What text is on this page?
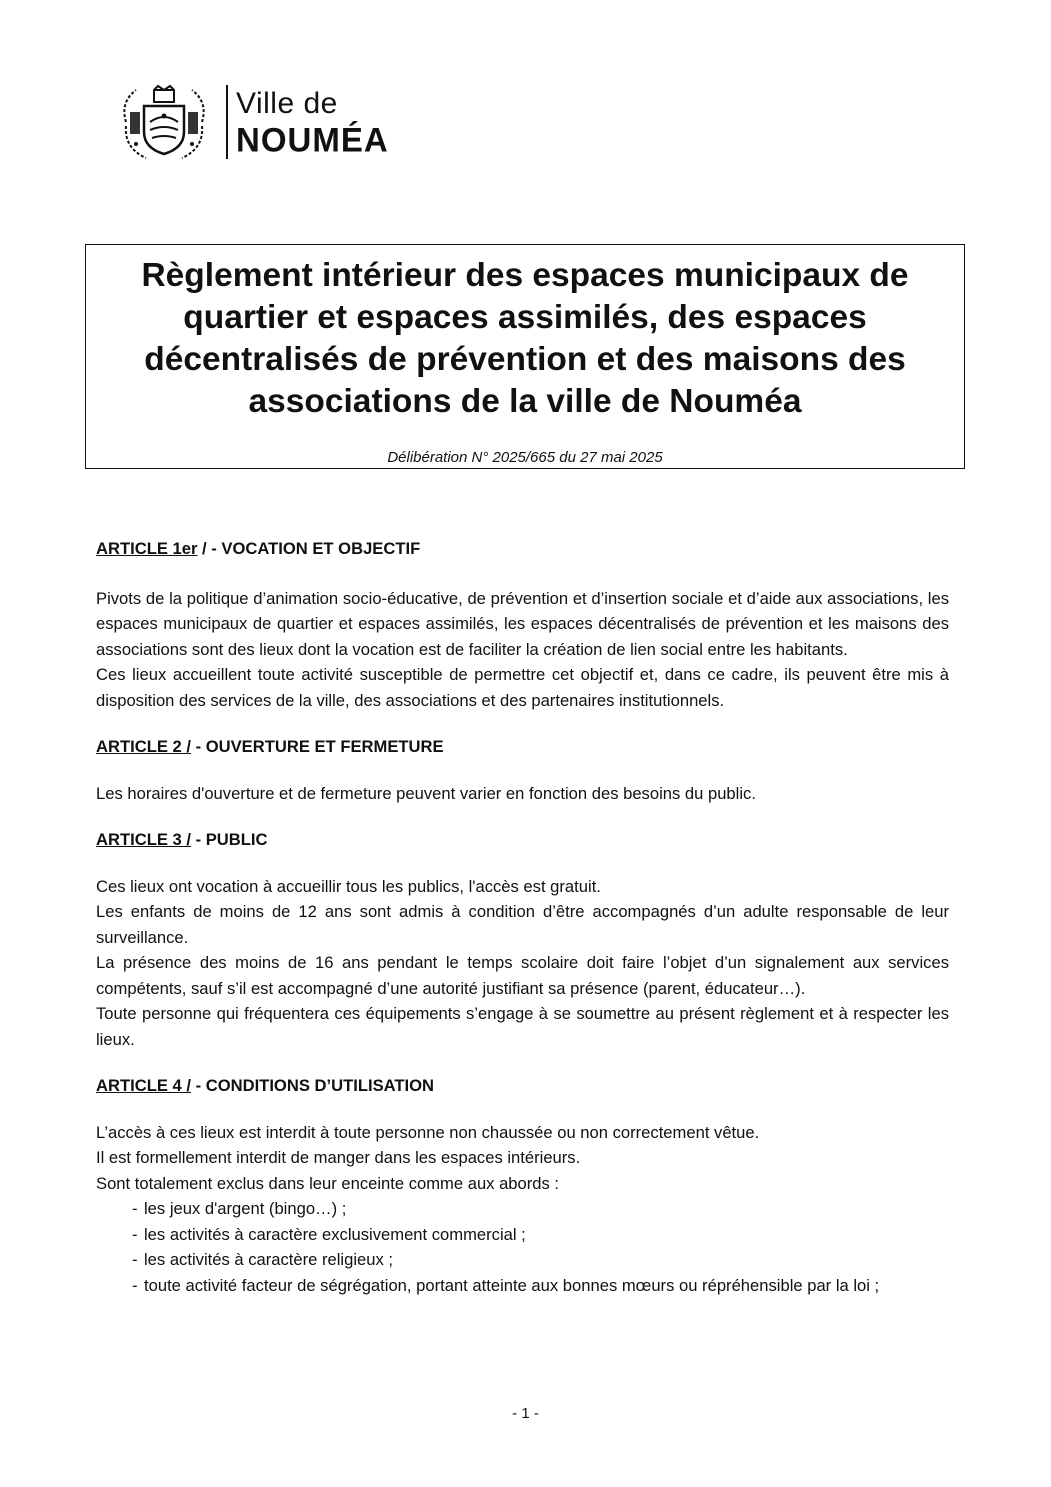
Ville de
NOUMÉA
Règlement intérieur des espaces municipaux de quartier et espaces assimilés, des espaces décentralisés de prévention et des maisons des associations de la ville de Nouméa
Délibération N° 2025/665 du 27 mai 2025

ARTICLE 1er / - VOCATION ET OBJECTIF

Pivots de la politique d’animation socio-éducative, de prévention et d’insertion sociale et d’aide aux associations, les espaces municipaux de quartier et espaces assimilés, les espaces décentralisés de prévention et les maisons des associations sont des lieux dont la vocation est de faciliter la création de lien social entre les habitants.

Ces lieux accueillent toute activité susceptible de permettre cet objectif et, dans ce cadre, ils peuvent être mis à disposition des services de la ville, des associations et des partenaires institutionnels.

ARTICLE 2 / - OUVERTURE ET FERMETURE

Les horaires d'ouverture et de fermeture peuvent varier en fonction des besoins du public.

ARTICLE 3 / - PUBLIC

Ces lieux ont vocation à accueillir tous les publics, l'accès est gratuit.

Les enfants de moins de 12 ans sont admis à condition d’être accompagnés d’un adulte responsable de leur surveillance.

La présence des moins de 16 ans pendant le temps scolaire doit faire l’objet d’un signalement aux services compétents, sauf s’il est accompagné d’une autorité justifiant sa présence (parent, éducateur…).

Toute personne qui fréquentera ces équipements s’engage à se soumettre au présent règlement et à respecter les lieux.

ARTICLE 4 / - CONDITIONS D’UTILISATION

L’accès à ces lieux est interdit à toute personne non chaussée ou non correctement vêtue.

Il est formellement interdit de manger dans les espaces intérieurs.

Sont totalement exclus dans leur enceinte comme aux abords :

- les jeux d'argent (bingo…) ;
- les activités à caractère exclusivement commercial ;
- les activités à caractère religieux ;
- toute activité facteur de ségrégation, portant atteinte aux bonnes mœurs ou répréhensible par la loi ;
- 1 -
